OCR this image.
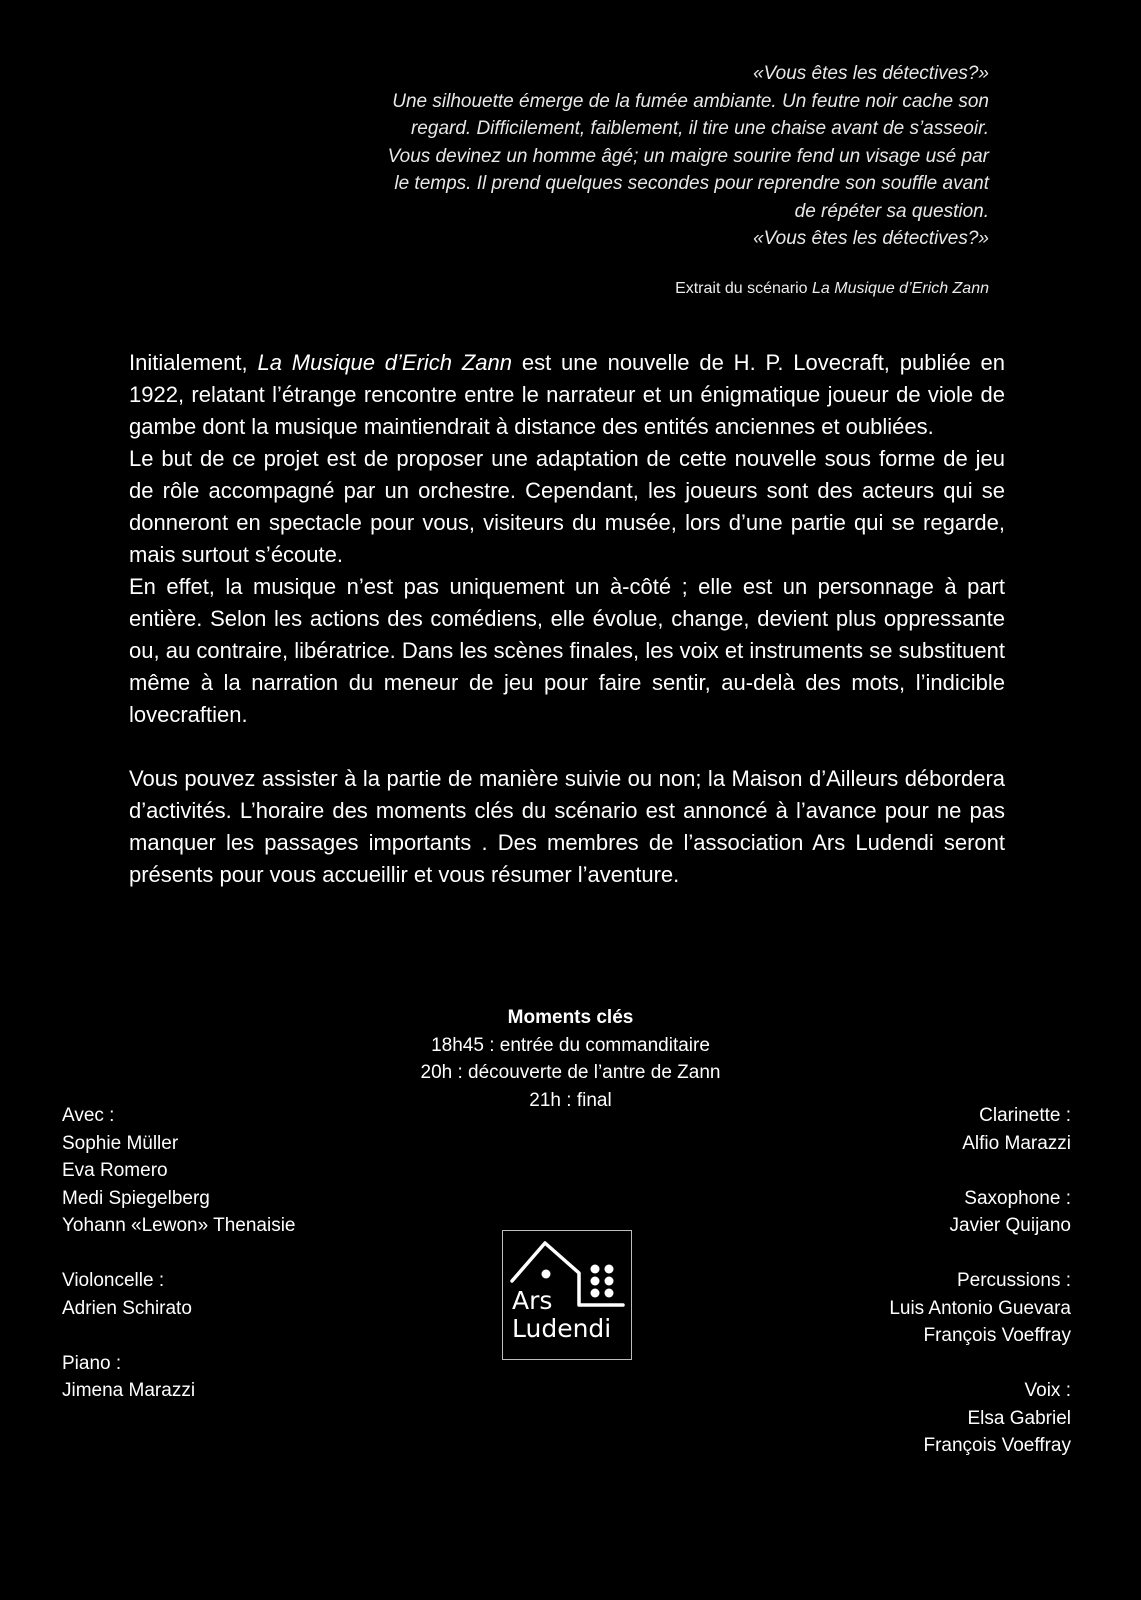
«Vous êtes les détectives?»
Une silhouette émerge de la fumée ambiante. Un feutre noir cache son
regard. Difficilement, faiblement, il tire une chaise avant de s’asseoir.
Vous devinez un homme âgé; un maigre sourire fend un visage usé par
le temps. Il prend quelques secondes pour reprendre son souffle avant
de répéter sa question.
«Vous êtes les détectives?»
Extrait du scénario La Musique d’Erich Zann

Initialement, La Musique d’Erich Zann est une nouvelle de H. P. Lovecraft, publiée en 1922, relatant l’étrange rencontre entre le narrateur et un énigmatique joueur de viole de gambe dont la musique maintiendrait à distance des entités anciennes et oubliées.

Le but de ce projet est de proposer une adaptation de cette nouvelle sous forme de jeu de rôle accompagné par un orchestre. Cependant, les joueurs sont des acteurs qui se donneront en spectacle pour vous, visiteurs du musée, lors d’une partie qui se regarde, mais surtout s’écoute.

En effet, la musique n’est pas uniquement un à-côté ; elle est un personnage à part entière. Selon les actions des comédiens, elle évolue, change, devient plus oppressante ou, au contraire, libératrice. Dans les scènes finales, les voix et instruments se substituent même à la narration du meneur de jeu pour faire sentir, au-delà des mots, l’indicible lovecraftien.

Vous pouvez assister à la partie de manière suivie ou non; la Maison d’Ailleurs débordera d’activités. L’horaire des moments clés du scénario est annoncé à l’avance pour ne pas manquer les passages importants . Des membres de l’association Ars Ludendi seront présents pour vous accueillir et vous résumer l’aventure.

Moments clés
18h45 : entrée du commanditaire
20h : découverte de l’antre de Zann
21h : final
Avec :
Sophie Müller
Eva Romero
Medi Spiegelberg
Yohann «Lewon» Thenaisie
Violoncelle :
Adrien Schirato
Piano :
Jimena Marazzi
Clarinette :
Alfio Marazzi
Saxophone :
Javier Quijano
Percussions :
Luis Antonio Guevara
François Voeffray
Voix :
Elsa Gabriel
François Voeffray
Ars
Ludendi
